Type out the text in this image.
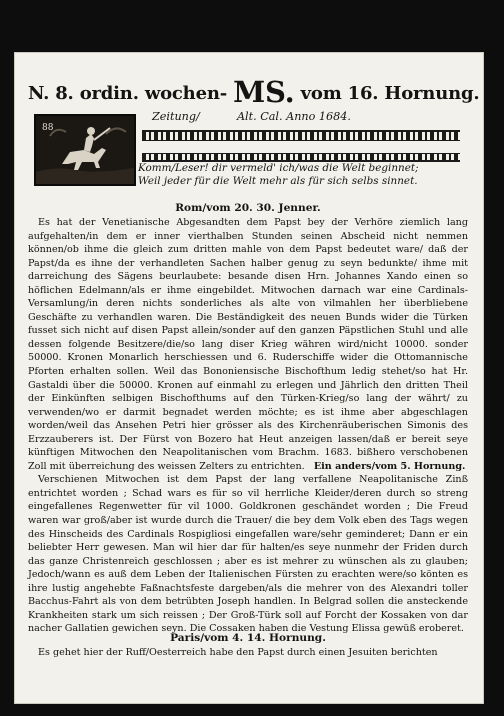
N. 8. ordin. wochen- MS. vom 16. Hornung.
Zeitung/	Alt. Cal. Anno 1684.
88
Komm/Leser! dir vermeld' ich/was die Welt beginnet;
Weil jeder für die Welt mehr als für sich selbs sinnet.
Rom/vom 20. 30. Jenner.

Es hat der Venetianische Abgesandten dem Papst bey der Verhöre ziemlich lang aufgehalten/in dem er inner vierthalben Stunden seinen Abscheid nicht nemmen können/ob ihme die gleich zum dritten mahle von dem Papst bedeutet ware/ daß der Papst/da es ihne der verhandleten Sachen halber genug zu seyn bedunkte/ ihme mit darreichung des Sägens beurlaubete: besande disen Hrn. Johannes Xando einen so höflichen Edelmann/als er ihme eingebildet. Mitwochen darnach war eine Cardinals-Versamlung/in deren nichts sonderliches als alte von vilmahlen her überbliebene Geschäfte zu verhandlen waren. Die Beständigkeit des neuen Bunds wider die Türken fusset sich nicht auf disen Papst allein/sonder auf den ganzen Päpstlichen Stuhl und alle dessen folgende Besitzere/die/so lang diser Krieg währen wird/nicht 10000. sonder 50000. Kronen Monarlich herschiessen und 6. Ruderschiffe wider die Ottomannische Pforten erhalten sollen. Weil das Bononiensische Bischofthum ledig stehet/so hat Hr. Gastaldi über die 50000. Kronen auf einmahl zu erlegen und Jährlich den dritten Theil der Einkünften selbigen Bischofthums auf den Türken-Krieg/so lang der währt/ zu verwenden/wo er darmit begnadet werden möchte; es ist ihme aber abgeschlagen worden/weil das Ansehen Petri hier grösser als des Kirchenräuberischen Simonis des Erzzauberers ist. Der Fürst von Bozero hat Heut anzeigen lassen/daß er bereit seye künftigen Mitwochen den Neapolitanischen vom Brachm. 1683. bißhero verschobenen Zoll mit überreichung des weissen Zelters zu entrichten. Ein anders/vom 5. Hornung.

Verschienen Mitwochen ist dem Papst der lang verfallene Neapolitanische Zinß entrichtet worden ; Schad wars es für so vil herrliche Kleider/deren durch so streng eingefallenes Regenwetter für vil 1000. Goldkronen geschändet worden ; Die Freud waren war groß/aber ist wurde durch die Trauer/ die bey dem Volk eben des Tags wegen des Hinscheids des Cardinals Rospigliosi eingefallen ware/sehr geminderet; Dann er ein beliebter Herr gewesen. Man wil hier dar für halten/es seye nunmehr der Friden durch das ganze Christenreich geschlossen ; aber es ist mehrer zu wünschen als zu glauben; Jedoch/wann es auß dem Leben der Italienischen Fürsten zu erachten were/so könten es ihre lustig angehebte Faßnachtsfeste dargeben/als die mehrer von des Alexandri toller Bacchus-Fahrt als von dem betrübten Joseph handlen. In Belgrad sollen die ansteckende Krankheiten stark um sich reissen ; Der Groß-Türk soll auf Forcht der Kossaken von dar nacher Gallatien gewichen seyn. Die Cossaken haben die Vestung Elissa gewüß eroberet.

Paris/vom 4. 14. Hornung.

Es gehet hier der Ruff/Oesterreich habe den Papst durch einen Jesuiten berichten
